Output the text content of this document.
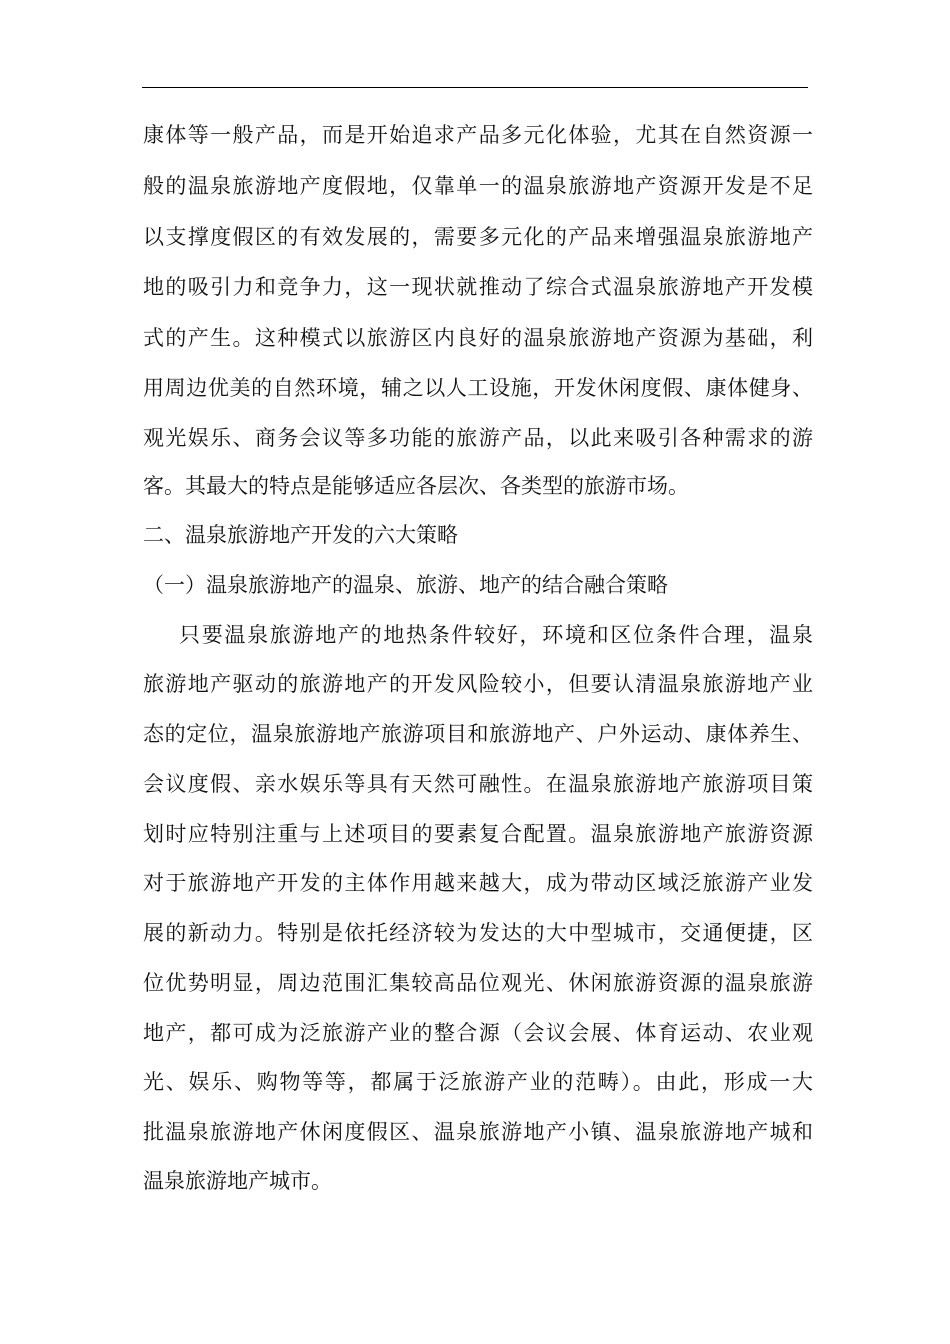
康体等一般产品，而是开始追求产品多元化体验，尤其在自然资源一
般的温泉旅游地产度假地，仅靠单一的温泉旅游地产资源开发是不足
以支撑度假区的有效发展的，需要多元化的产品来增强温泉旅游地产
地的吸引力和竞争力，这一现状就推动了综合式温泉旅游地产开发模
式的产生。这种模式以旅游区内良好的温泉旅游地产资源为基础，利
用周边优美的自然环境，辅之以人工设施，开发休闲度假、康体健身、
观光娱乐、商务会议等多功能的旅游产品，以此来吸引各种需求的游
客。其最大的特点是能够适应各层次、各类型的旅游市场。
二、温泉旅游地产开发的六大策略
（一）温泉旅游地产的温泉、旅游、地产的结合融合策略
只要温泉旅游地产的地热条件较好，环境和区位条件合理，温泉
旅游地产驱动的旅游地产的开发风险较小，但要认清温泉旅游地产业
态的定位，温泉旅游地产旅游项目和旅游地产、户外运动、康体养生、
会议度假、亲水娱乐等具有天然可融性。在温泉旅游地产旅游项目策
划时应特别注重与上述项目的要素复合配置。温泉旅游地产旅游资源
对于旅游地产开发的主体作用越来越大，成为带动区域泛旅游产业发
展的新动力。特别是依托经济较为发达的大中型城市，交通便捷，区
位优势明显，周边范围汇集较高品位观光、休闲旅游资源的温泉旅游
地产，都可成为泛旅游产业的整合源（会议会展、体育运动、农业观
光、娱乐、购物等等，都属于泛旅游产业的范畴）。由此，形成一大
批温泉旅游地产休闲度假区、温泉旅游地产小镇、温泉旅游地产城和
温泉旅游地产城市。
